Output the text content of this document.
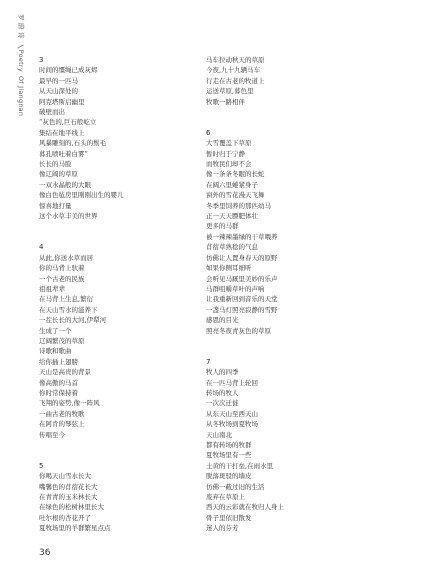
罗 蔚 诗PoetryOf Jiangnan
3
时间的缰绳已成灰烬
最早的一匹马
从天山深处的
阿克塔斯启幽里
破壁而出
“灰色的,巨石般屹立
集结在地平线上
风暴雕刻的,石头的鬃毛
暮孔喷吐着白雾”
长长的马脸
像辽阔的草原
一双水晶般的大眼
像白色毡房里刚刚出生的婴儿
惊喜地打量
这个水草丰美的世界
4
从此,你送水草而居
你的马背上驮着
一个古老的民族
祖祖辈辈
在马背上生息,繁衍
在天山雪水的滋养下
一茬长长的大河,伊犁河
生成了一个
辽阔繁茂的草原
诗歌和歌曲
给你插上翅膀
天山是高贵的背景
像高傲的马首
你时常保持着
飞翔的姿势,像一阵风
一曲古老的牧歌
在阿肯的琴弦上
传唱至今
5
你喝天山雪水长大
嘴馨色的苜蓿花长大
在青青的玉米林长大
在绿色的松树林里长大
吐尔根的杏花开了
夏牧场里的羊群繁星点点
马车拉动秋天的草原
今夜,九十九辆马车
行走在古老的牧道上
运送草原,暮色里
牧歌一路相伴
6
大雪覆盖下草原
暂时归于宁静
而牧民们却不会
像一条条冬眠的长蛇
在阔六里蜷紧身子
窗外的雪花漫天飞舞
冬季里饲养的那匹幼马
正一天天膘肥体壮
更多的马群
被一辣辣墨绿的干草喂养
苜蓿草熟稔的气息
仿佛让人置身春天的原野
如果你侧耳细听
会听见马厩里美妙的乐声
马群咀嚼草叶的声响
让我重新回到音乐的天堂
一盏马灯照亮寂静的雪野
感恩的目光
照亮冬夜青灰色的草原
7
牧人的四季
在一匹马背上轮回
转场的牧人
一次次迁徙
从东天山至西天山
从冬牧场到夏牧场
天山南北
都有转场的牧群
夏牧场里有一些
土黄的干打垒,在雨水里
脱落斑驳的墙皮
仿佛一截过旧的生活
废弃在草原上
西天的云彩就在牧归人身上
骨子里依旧散发
迷人的芬芳
36
